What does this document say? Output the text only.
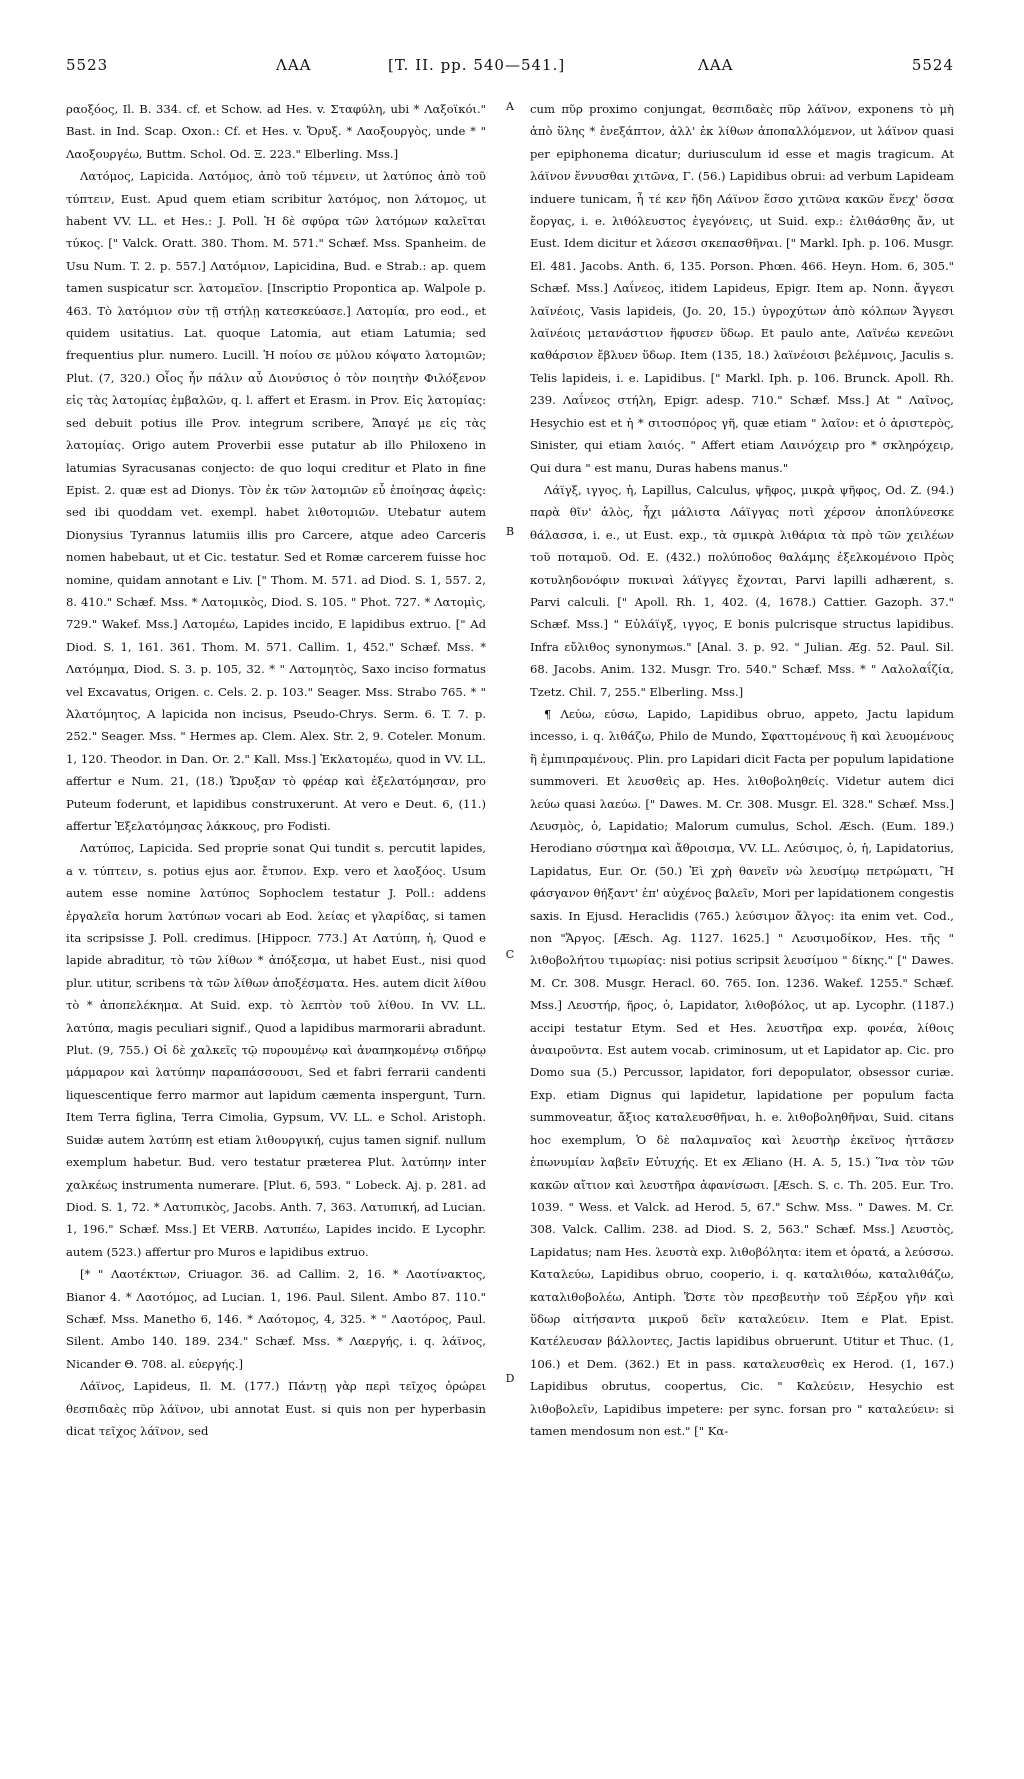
5523	ΛΑΑ	[T. II. pp. 540—541.]	ΛΑΑ	5524

ραοξόος, Il. B. 334. cf. et Schow. ad Hes. v. Σταφύλη, ubi * Λαξοϊκόι." Bast. in Ind. Scap. Oxon.: Cf. et Hes. v. Ὄρυξ. * Λαοξουργὸς, unde * " Λαοξουργέω, Buttm. Schol. Od. Ξ. 223." Elberling. Mss.]

Λατόμος, Lapicida. Λατόμος, ἀπὸ τοῦ τέμνειν, ut λατύπος ἀπὸ τοῦ τύπτειν, Eust. Apud quem etiam scribitur λατόμος, non λάτομος, ut habent VV. LL. et Hes.: J. Poll. Ἡ δὲ σφύρα τῶν λατόμων καλεῖται τύκος. [" Valck. Oratt. 380. Thom. M. 571." Schæf. Mss. Spanheim. de Usu Num. T. 2. p. 557.] Λατόμιον, Lapicidina, Bud. e Strab.: ap. quem tamen suspicatur scr. λατομεῖον. [Inscriptio Propontica ap. Walpole p. 463. Τὸ λατόμιον σὺν τῇ στήλῃ κατεσκεύασε.] Λατομία, pro eod., et quidem usitatius. Lat. quoque Latomia, aut etiam Latumia; sed frequentius plur. numero. Lucill. Ἡ ποίου σε μύλου κόψατο λατομιῶν; Plut. (7, 320.) Οἷος ἦν πάλιν αὖ Διονύσιος ὁ τὸν ποιητὴν Φιλόξενον εἰς τὰς λατομίας ἐμβαλῶν, q. l. affert et Erasm. in Prov. Εἰς λατομίας: sed debuit potius ille Prov. integrum scribere, Ἄπαγέ με εἰς τὰς λατομίας. Origo autem Proverbii esse putatur ab illo Philoxeno in latumias Syracusanas conjecto: de quo loqui creditur et Plato in fine Epist. 2. quæ est ad Dionys. Τὸν ἐκ τῶν λατομιῶν εὖ ἐποίησας ἀφεὶς: sed ibi quoddam vet. exempl. habet λιθοτομιῶν. Utebatur autem Dionysius Tyrannus latumiis illis pro Carcere, atque adeo Carceris nomen habebaut, ut et Cic. testatur. Sed et Romæ carcerem fuisse hoc nomine, quidam annotant e Liv. [" Thom. M. 571. ad Diod. S. 1, 557. 2, 8. 410." Schæf. Mss. * Λατομικὸς, Diod. S. 105. " Phot. 727. * Λατομὶς, 729." Wakef. Mss.] Λατομέω, Lapides incido, E lapidibus extruo. [" Ad Diod. S. 1, 161. 361. Thom. M. 571. Callim. 1, 452." Schæf. Mss. * Λατόμημα, Diod. S. 3. p. 105, 32. * " Λατομητὸς, Saxo inciso formatus vel Excavatus, Origen. c. Cels. 2. p. 103." Seager. Mss. Strabo 765. * " Ἀλατόμητος, A lapicida non incisus, Pseudo-Chrys. Serm. 6. T. 7. p. 252." Seager. Mss. " Hermes ap. Clem. Alex. Str. 2, 9. Coteler. Monum. 1, 120. Theodor. in Dan. Or. 2." Kall. Mss.] Ἐκλατομέω, quod in VV. LL. affertur e Num. 21, (18.) Ὤρυξαν τὸ φρέαρ καὶ ἐξελατόμησαν, pro Puteum foderunt, et lapidibus construxerunt. At vero e Deut. 6, (11.) affertur Ἐξελατόμησας λάκκους, pro Fodisti.

Λατύπος, Lapicida. Sed proprie sonat Qui tundit s. percutit lapides, a v. τύπτειν, s. potius ejus aor. ἔτυπον. Exp. vero et λαοξόος. Usum autem esse nomine λατύπος Sophoclem testatur J. Poll.: addens ἐργαλεῖα horum λατύπων vocari ab Eod. λείας et γλαρίδας, si tamen ita scripsisse J. Poll. credimus. [Hippocr. 773.] Ατ Λατύπη, ἡ, Quod e lapide abraditur, τὸ τῶν λίθων * ἀπόξεσμα, ut habet Eust., nisi quod plur. utitur, scribens τὰ τῶν λίθων ἀποξέσματα. Hes. autem dicit λίθου τὸ * ἀποπελέκημα. At Suid. exp. τὸ λεπτὸν τοῦ λίθου. In VV. LL. λατύπα, magis peculiari signif., Quod a lapidibus marmorarii abradunt. Plut. (9, 755.) Οἱ δὲ χαλκεῖς τῷ πυρουμένῳ καὶ ἀναπηκομένῳ σιδήρῳ μάρμαρον καὶ λατύπην παραπάσσουσι, Sed et fabri ferrarii candenti liquescentique ferro marmor aut lapidum cæmenta inspergunt, Turn. Item Terra figlina, Terra Cimolia, Gypsum, VV. LL. e Schol. Aristoph. Suidæ autem λατύπη est etiam λιθουργική, cujus tamen signif. nullum exemplum habetur. Bud. vero testatur præterea Plut. λατύπην inter χαλκέως instrumenta numerare. [Plut. 6, 593. " Lobeck. Aj. p. 281. ad Diod. S. 1, 72. * Λατυπικὸς, Jacobs. Anth. 7, 363. Λατυπική, ad Lucian. 1, 196." Schæf. Mss.] Et VERB. Λατυπέω, Lapides incido. E Lycophr. autem (523.) affertur pro Muros e lapidibus extruo.

[* " Λαοτέκτων, Criuagor. 36. ad Callim. 2, 16. * Λαοτίνακτος, Bianor 4. * Λαοτόμος, ad Lucian. 1, 196. Paul. Silent. Ambo 87. 110." Schæf. Mss. Manetho 6, 146. * Λαότομος, 4, 325. * " Λαοτόρος, Paul. Silent. Ambo 140. 189. 234." Schæf. Mss. * Λαεργής, i. q. λάϊνος, Nicander Θ. 708. al. εὐεργής.]

Λάϊνος, Lapideus, Il. M. (177.) Πάντῃ γὰρ περὶ τεῖχος ὀρώρει θεσπιδαὲς πῦρ λάϊνον, ubi annotat Eust. si quis non per hyperbasin dicat τεῖχος λάϊνον, sed

A
B
C
D

cum πῦρ proximo conjungat, θεσπιδαὲς πῦρ λάϊνον, exponens τὸ μὴ ἀπὸ ὕλης * ἐνεξάπτον, ἀλλ' ἐκ λίθων ἀποπαλλόμενον, ut λάϊνον quasi per epiphonema dicatur; duriusculum id esse et magis tragicum. At λάϊνον ἕννυσθαι χιτῶνα, Γ. (56.) Lapidibus obrui: ad verbum Lapideam induere tunicam, ἦ τέ κεν ἤδη Λάϊνον ἕσσο χιτῶνα κακῶν ἕνεχ' ὅσσα ἔοργας, i. e. λιθόλευστος ἐγεγόνεις, ut Suid. exp.: ἐλιθάσθης ἄν, ut Eust. Idem dicitur et λάεσσι σκεπασθῆναι. [" Markl. Iph. p. 106. Musgr. El. 481. Jacobs. Anth. 6, 135. Porson. Phœn. 466. Heyn. Hom. 6, 305." Schæf. Mss.] Λαΐνεος, itidem Lapideus, Epigr. Item ap. Nonn. ἄγγεσι λαϊνέοις, Vasis lapideis, (Jo. 20, 15.) ὑγροχύτων ἀπὸ κόλπων Ἄγγεσι λαϊνέοις μετανάστιον ἥφυσεν ὕδωρ. Et paulo ante, Λαϊνέω κενεῶνι καθάρσιον ἔβλυεν ὕδωρ. Item (135, 18.) λαϊνέοισι βελέμνοις, Jaculis s. Telis lapideis, i. e. Lapidibus. [" Markl. Iph. p. 106. Brunck. Apoll. Rh. 239. Λαΐνεος στήλη, Epigr. adesp. 710." Schæf. Mss.] At " Λαῖνος, Hesychio est et ἡ * σιτοσπόρος γῆ, quæ etiam " λαῖον: et ὁ ἀριστερὸς, Sinister, qui etiam λαιός. " Affert etiam Λαινόχειρ pro * σκληρόχειρ, Qui dura " est manu, Duras habens manus."

Λάϊγξ, ιγγος, ἡ, Lapillus, Calculus, ψῆφος, μικρὰ ψῆφος, Od. Z. (94.) παρὰ θῖν' ἁλὸς, ἧχι μάλιστα Λάϊγγας ποτὶ χέρσον ἀποπλύνεσκε θάλασσα, i. e., ut Eust. exp., τὰ σμικρὰ λιθάρια τὰ πρὸ τῶν χειλέων τοῦ ποταμοῦ. Od. E. (432.) πολύποδος θαλάμης ἐξελκομένοιο Πρὸς κοτυληδονόφιν πυκιναὶ λάϊγγες ἔχονται, Parvi lapilli adhærent, s. Parvi calculi. [" Apoll. Rh. 1, 402. (4, 1678.) Cattier. Gazoph. 37." Schæf. Mss.] " Εὐλάϊγξ, ιγγος, E bonis pulcrisque structus lapidibus. Infra εὔλιθος synonymωs." [Anal. 3. p. 92. " Julian. Æg. 52. Paul. Sil. 68. Jacobs. Anim. 132. Musgr. Tro. 540." Schæf. Mss. * " Λαλολαΐζία, Tzetz. Chil. 7, 255." Elberling. Mss.]

¶ Λεύω, εύσω, Lapido, Lapidibus obruo, appeto, Jactu lapidum incesso, i. q. λιθάζω, Philo de Mundo, Σφαττομένους ἢ καὶ λευομένους ἢ ἐμπιπραμένους. Plin. pro Lapidari dicit Facta per populum lapidatione summoveri. Et λευσθεὶς ap. Hes. λιθοβοληθείς. Videtur autem dici λεύω quasi λαεύω. [" Dawes. M. Cr. 308. Musgr. El. 328." Schæf. Mss.] Λευσμὸς, ὁ, Lapidatio; Malorum cumulus, Schol. Æsch. (Eum. 189.) Herodiano σύστημα καὶ ἄθροισμα, VV. LL. Λεύσιμος, ὁ, ἡ, Lapidatorius, Lapidatus, Eur. Or. (50.) Ἐὶ χρὴ θανεῖν νὼ λευσίμῳ πετρώματι, Ἢ φάσγανον θήξαντ' ἐπ' αὐχένος βαλεῖν, Mori per lapidationem congestis saxis. In Ejusd. Heraclidis (765.) λεύσιμον ἄλγος: ita enim vet. Cod., non "Ἄργος. [Æsch. Ag. 1127. 1625.] " Λευσιμοδίκον, Hes. τῆς " λιθοβολήτου τιμωρίας: nisi potius scripsit λευσίμου " δίκης." [" Dawes. M. Cr. 308. Musgr. Heracl. 60. 765. Ion. 1236. Wakef. 1255." Schæf. Mss.] Λευστήρ, ῆρος, ὁ, Lapidator, λιθοβόλος, ut ap. Lycophr. (1187.) accipi testatur Etym. Sed et Hes. λευστῆρα exp. φονέα, λίθοις ἀναιροῦντα. Est autem vocab. criminosum, ut et Lapidator ap. Cic. pro Domo sua (5.) Percussor, lapidator, fori depopulator, obsessor curiæ. Exp. etiam Dignus qui lapidetur, lapidatione per populum facta summoveatur, ἄξιος καταλευσθῆναι, h. e. λιθοβοληθῆναι, Suid. citans hoc exemplum, Ὁ δὲ παλαμναῖος καὶ λευστὴρ ἐκεῖνος ἡττᾶσεν ἐπωνυμίαν λαβεῖν Εὐτυχής. Et ex Æliano (H. A. 5, 15.) Ἵνα τὸν τῶν κακῶν αἴτιον καὶ λευστῆρα ἀφανίσωσι. [Æsch. S. c. Th. 205. Eur. Tro. 1039. " Wess. et Valck. ad Herod. 5, 67." Schw. Mss. " Dawes. M. Cr. 308. Valck. Callim. 238. ad Diod. S. 2, 563." Schæf. Mss.] Λευστὸς, Lapidatus; nam Hes. λευστὰ exp. λιθοβόλητα: item et ὁρατά, a λεύσσω. Καταλεύω, Lapidibus obruo, cooperio, i. q. καταλιθόω, καταλιθάζω, καταλιθοβολέω, Antiph. Ὥστε τὸν πρεσβευτὴν τοῦ Ξέρξου γῆν καὶ ὕδωρ αἰτήσαντα μικροῦ δεῖν καταλεύειν. Item e Plat. Epist. Κατέλευσαν βάλλοντες, Jactis lapidibus obruerunt. Utitur et Thuc. (1, 106.) et Dem. (362.) Et in pass. καταλευσθεὶς ex Herod. (1, 167.) Lapidibus obrutus, coopertus, Cic. " Καλεύειν, Hesychio est λιθοβολεῖν, Lapidibus impetere: per sync. forsan pro " καταλεύειν: si tamen mendosum non est." [" Κα-
